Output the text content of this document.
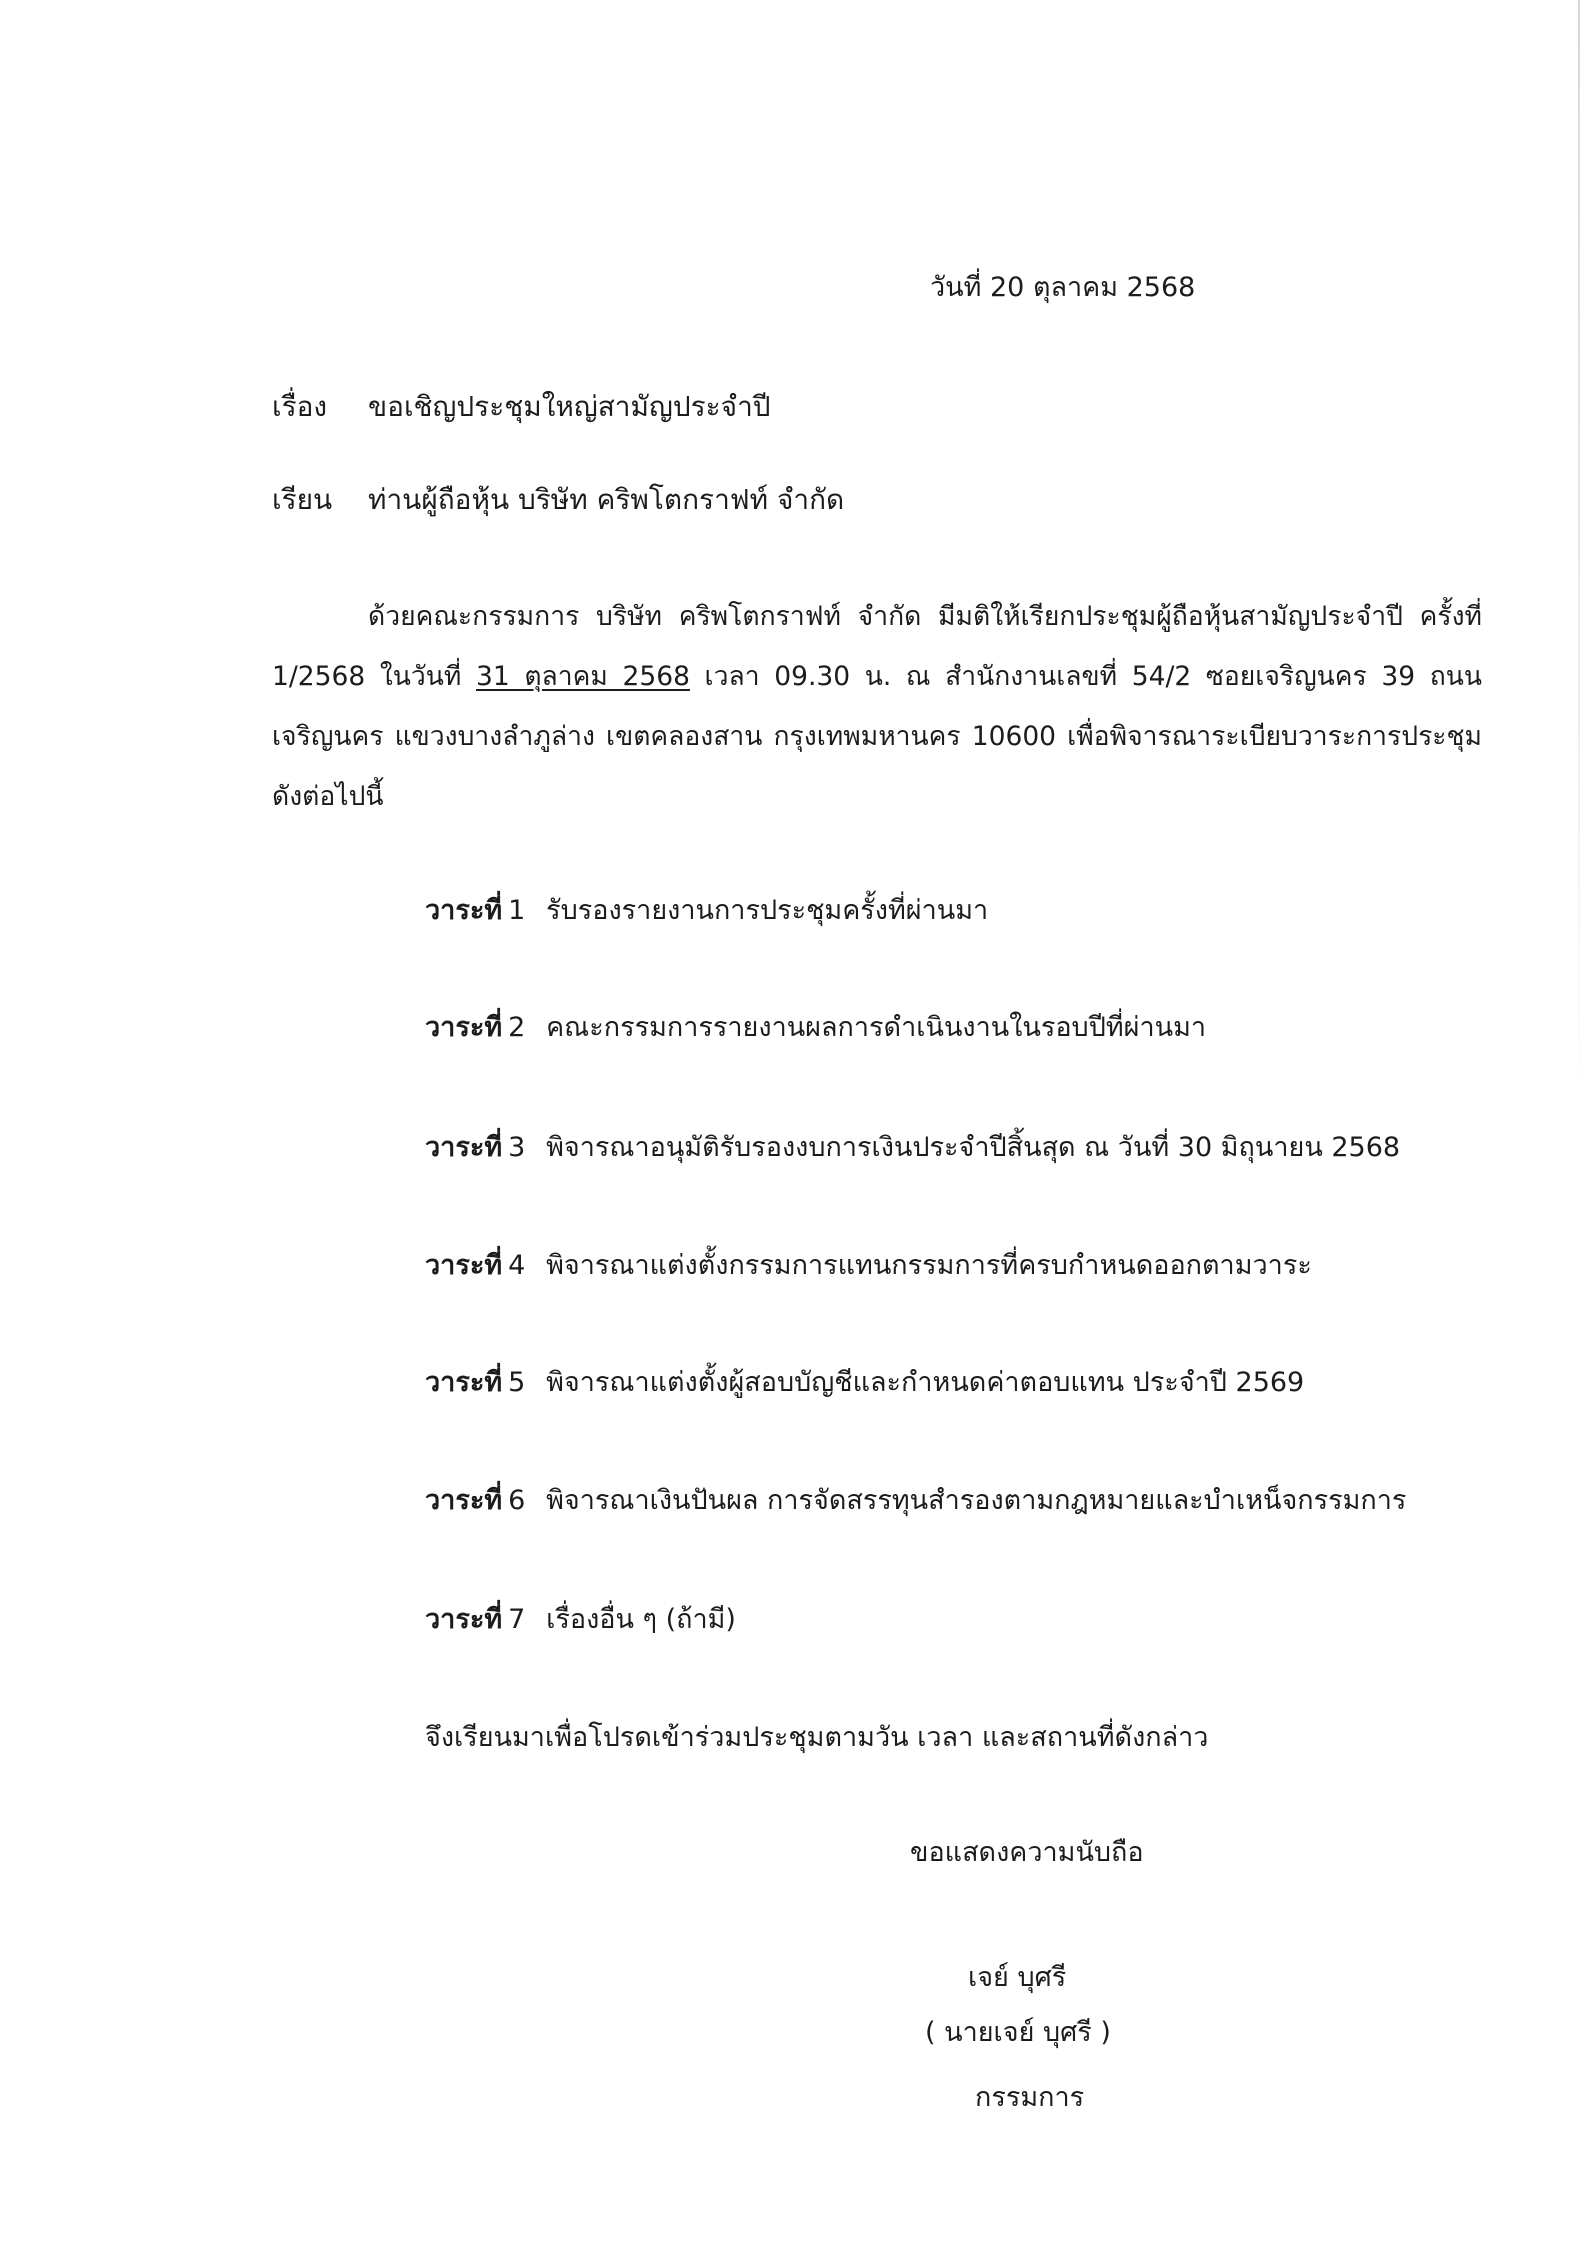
วันที่ 20 ตุลาคม 2568
เรื่อง ขอเชิญประชุมใหญ่สามัญประจำปี
เรียน ท่านผู้ถือหุ้น บริษัท คริพโตกราฟท์ จำกัด
ด้วยคณะกรรมการ บริษัท คริพโตกราฟท์ จำกัด มีมติให้เรียกประชุมผู้ถือหุ้นสามัญประจำปี ครั้งที่ 1/2568 ในวันที่ 31 ตุลาคม 2568 เวลา 09.30 น. ณ สำนักงานเลขที่ 54/2 ซอยเจริญนคร 39 ถนนเจริญนคร แขวงบางลำภูล่าง เขตคลองสาน กรุงเทพมหานคร 10600 เพื่อพิจารณาระเบียบวาระการประชุมดังต่อไปนี้
วาระที่ 1 รับรองรายงานการประชุมครั้งที่ผ่านมา
วาระที่ 2 คณะกรรมการรายงานผลการดำเนินงานในรอบปีที่ผ่านมา
วาระที่ 3 พิจารณาอนุมัติรับรองงบการเงินประจำปีสิ้นสุด ณ วันที่ 30 มิถุนายน 2568
วาระที่ 4 พิจารณาแต่งตั้งกรรมการแทนกรรมการที่ครบกำหนดออกตามวาระ
วาระที่ 5 พิจารณาแต่งตั้งผู้สอบบัญชีและกำหนดค่าตอบแทน ประจำปี 2569
วาระที่ 6 พิจารณาเงินปันผล การจัดสรรทุนสำรองตามกฎหมายและบำเหน็จกรรมการ
วาระที่ 7 เรื่องอื่น ๆ (ถ้ามี)
จึงเรียนมาเพื่อโปรดเข้าร่วมประชุมตามวัน เวลา และสถานที่ดังกล่าว
ขอแสดงความนับถือ
เจย์ บุศรี
( นายเจย์ บุศรี )
กรรมการ
